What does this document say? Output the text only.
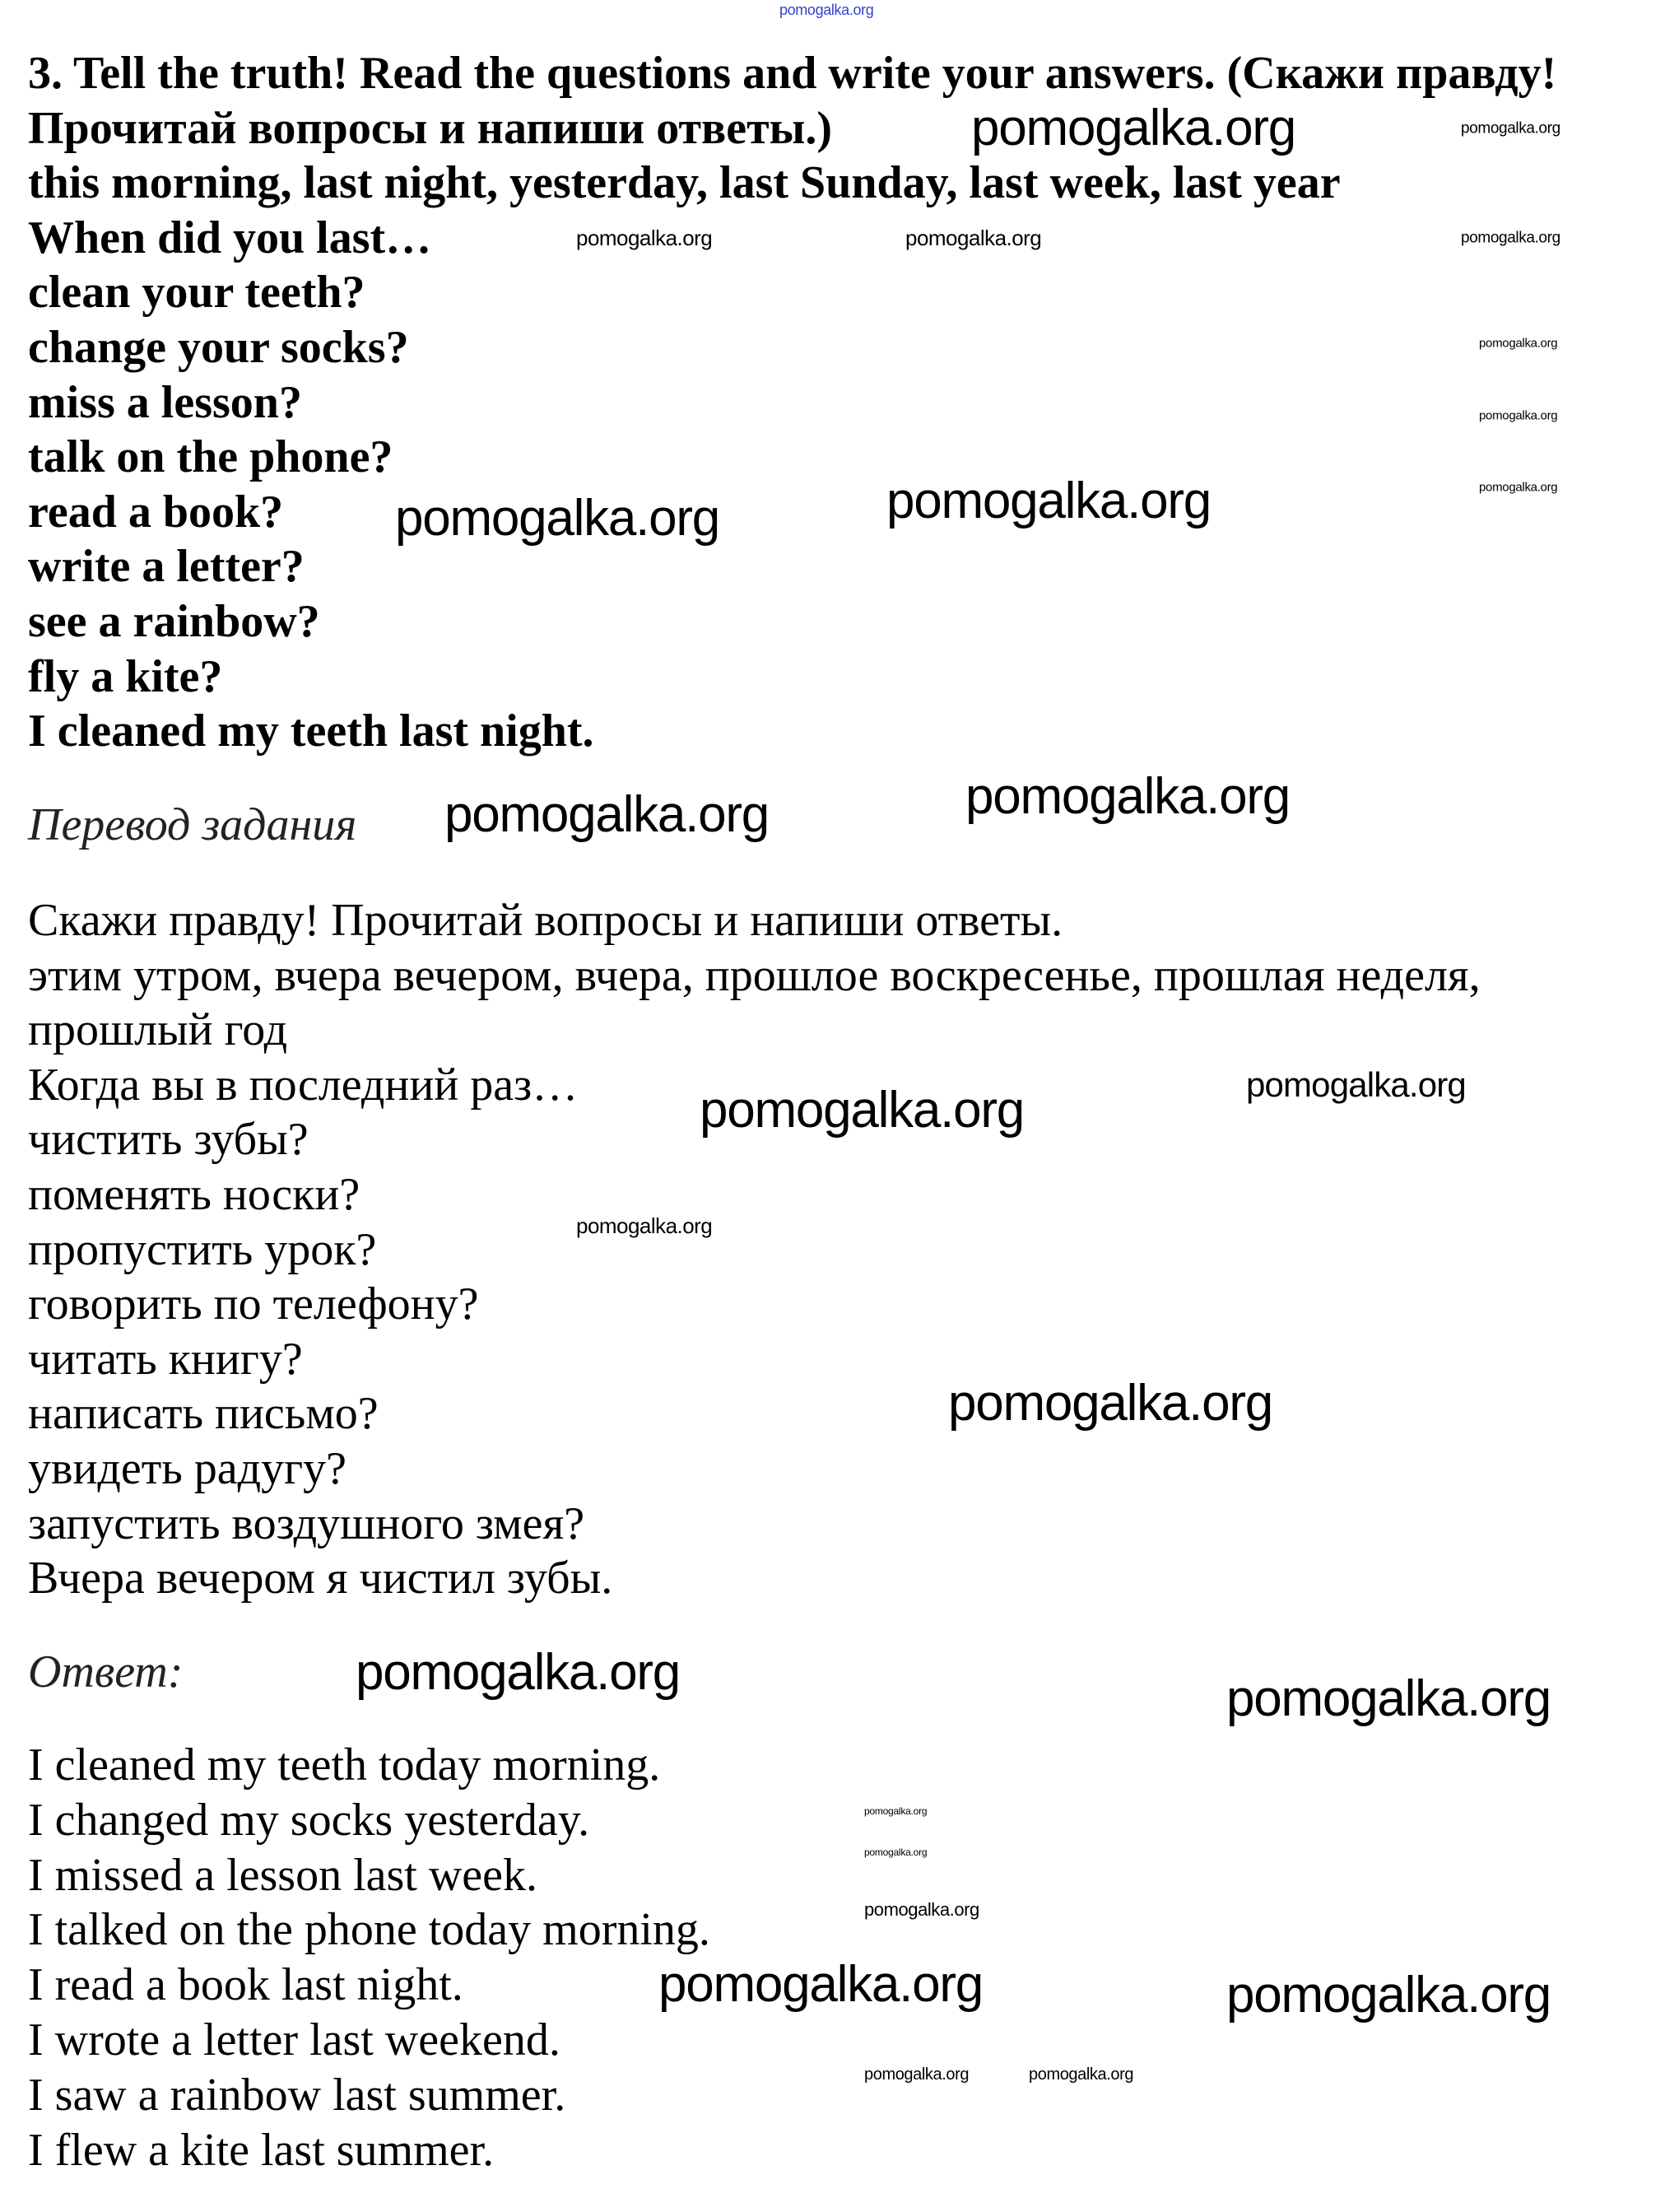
Перевод задания
Ответ:
3. Tell the truth! Read the questions and write your answers. (Скажи правду!
Прочитай вопросы и напиши ответы.)
this morning, last night, yesterday, last Sunday, last week, last year
When did you last…
clean your teeth?
change your socks?
miss a lesson?
talk on the phone?
read a book?
write a letter?
see a rainbow?
fly a kite?
I cleaned my teeth last night.
Скажи правду! Прочитай вопросы и напиши ответы.
этим утром, вчера вечером, вчера, прошлое воскресенье, прошлая неделя,
прошлый год
Когда вы в последний раз…
чистить зубы?
поменять носки?
пропустить урок?
говорить по телефону?
читать книгу?
написать письмо?
увидеть радугу?
запустить воздушного змея?
Вчера вечером я чистил зубы.
I cleaned my teeth today morning.
I changed my socks yesterday.
I missed a lesson last week.
I talked on the phone today morning.
I read a book last night.
I wrote a letter last weekend.
I saw a rainbow last summer.
I flew a kite last summer.
pomogalka.org
pomogalka.org	pomogalka.org
pomogalka.org	pomogalka.org	pomogalka.org
pomogalka.org
pomogalka.org
pomogalka.org
pomogalka.org	pomogalka.org
pomogalka.org	pomogalka.org
pomogalka.org
pomogalka.org
pomogalka.org
pomogalka.org
pomogalka.org	pomogalka.org
pomogalka.org
pomogalka.org
pomogalka.org
pomogalka.org	pomogalka.org
pomogalka.org	pomogalka.org
